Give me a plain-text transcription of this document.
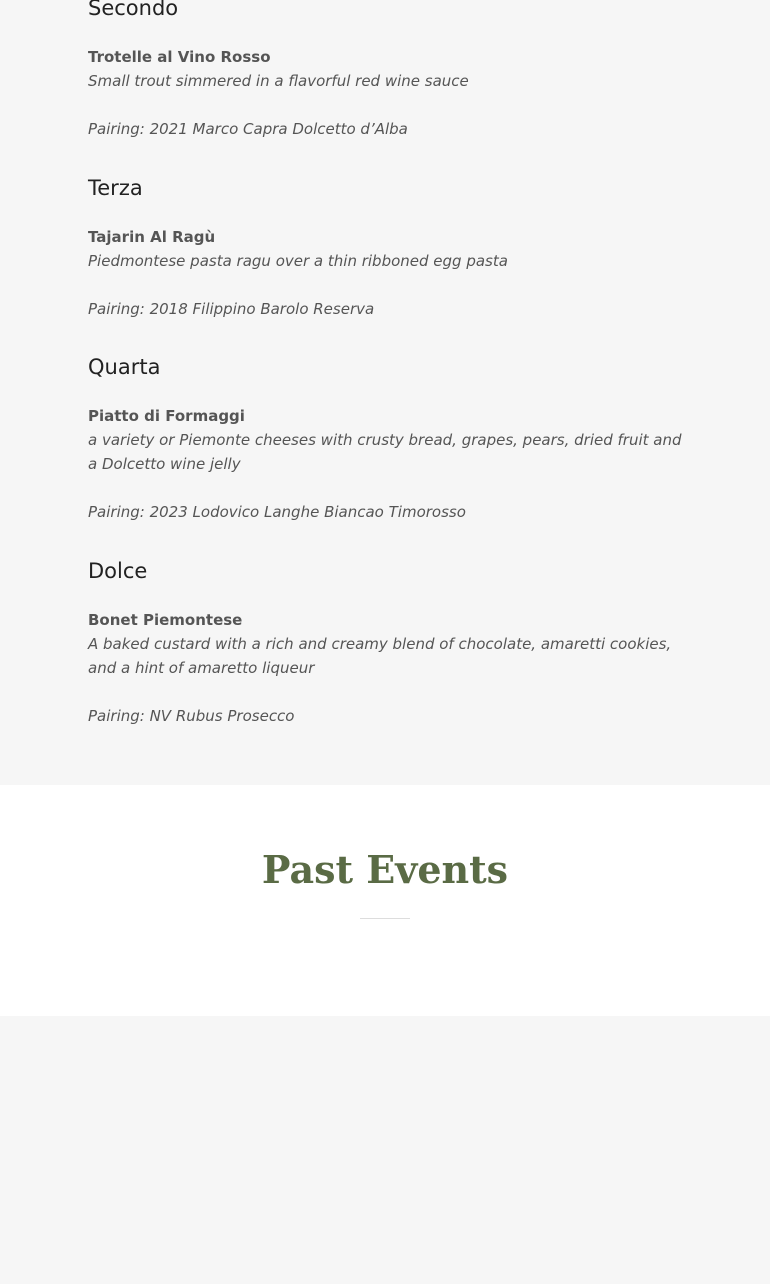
Secondo

Trotelle al Vino Rosso

Small trout simmered in a flavorful red wine sauce

Pairing: 2021 Marco Capra Dolcetto d’Alba

Terza

Tajarin Al Ragù

Piedmontese pasta ragu over a thin ribboned egg pasta

Pairing: 2018 Filippino Barolo Reserva

Quarta

Piatto di Formaggi

a variety or Piemonte cheeses with crusty bread, grapes, pears, dried fruit and a Dolcetto wine jelly

Pairing: 2023 Lodovico Langhe Biancao Timorosso

Dolce

Bonet Piemontese

A baked custard with a rich and creamy blend of chocolate, amaretti cookies, and a hint of amaretto liqueur

Pairing: NV Rubus Prosecco

Past Events
